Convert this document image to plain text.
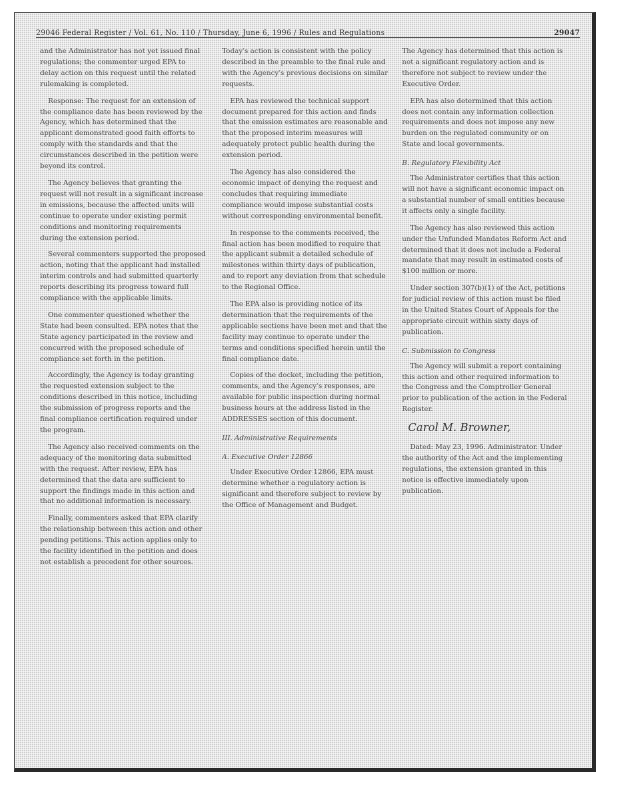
29046 Federal Register / Vol. 61, No. 110 / Thursday, June 6, 1996 / Rules and Regulations	29047

and the Administrator has not yet issued final regulations; the commenter urged EPA to delay action on this request until the related rulemaking is completed.

Response: The request for an extension of the compliance date has been reviewed by the Agency, which has determined that the applicant demonstrated good faith efforts to comply with the standards and that the circumstances described in the petition were beyond its control.

The Agency believes that granting the request will not result in a significant increase in emissions, because the affected units will continue to operate under existing permit conditions and monitoring requirements during the extension period.

Several commenters supported the proposed action, noting that the applicant had installed interim controls and had submitted quarterly reports describing its progress toward full compliance with the applicable limits.

One commenter questioned whether the State had been consulted. EPA notes that the State agency participated in the review and concurred with the proposed schedule of compliance set forth in the petition.

Accordingly, the Agency is today granting the requested extension subject to the conditions described in this notice, including the submission of progress reports and the final compliance certification required under the program.

The Agency also received comments on the adequacy of the monitoring data submitted with the request. After review, EPA has determined that the data are sufficient to support the findings made in this action and that no additional information is necessary.

Finally, commenters asked that EPA clarify the relationship between this action and other pending petitions. This action applies only to the facility identified in the petition and does not establish a precedent for other sources.

Today's action is consistent with the policy described in the preamble to the final rule and with the Agency's previous decisions on similar requests.

EPA has reviewed the technical support document prepared for this action and finds that the emission estimates are reasonable and that the proposed interim measures will adequately protect public health during the extension period.

The Agency has also considered the economic impact of denying the request and concludes that requiring immediate compliance would impose substantial costs without corresponding environmental benefit.

In response to the comments received, the final action has been modified to require that the applicant submit a detailed schedule of milestones within thirty days of publication, and to report any deviation from that schedule to the Regional Office.

The EPA also is providing notice of its determination that the requirements of the applicable sections have been met and that the facility may continue to operate under the terms and conditions specified herein until the final compliance date.

Copies of the docket, including the petition, comments, and the Agency's responses, are available for public inspection during normal business hours at the address listed in the ADDRESSES section of this document.

III. Administrative Requirements
A. Executive Order 12866

Under Executive Order 12866, EPA must determine whether a regulatory action is significant and therefore subject to review by the Office of Management and Budget.

The Agency has determined that this action is not a significant regulatory action and is therefore not subject to review under the Executive Order.

EPA has also determined that this action does not contain any information collection requirements and does not impose any new burden on the regulated community or on State and local governments.

B. Regulatory Flexibility Act

The Administrator certifies that this action will not have a significant economic impact on a substantial number of small entities because it affects only a single facility.

The Agency has also reviewed this action under the Unfunded Mandates Reform Act and determined that it does not include a Federal mandate that may result in estimated costs of $100 million or more.

Under section 307(b)(1) of the Act, petitions for judicial review of this action must be filed in the United States Court of Appeals for the appropriate circuit within sixty days of publication.

C. Submission to Congress

The Agency will submit a report containing this action and other required information to the Congress and the Comptroller General prior to publication of the action in the Federal Register.

Carol M. Browner,

Dated: May 23, 1996. Administrator. Under the authority of the Act and the implementing regulations, the extension granted in this notice is effective immediately upon publication.
